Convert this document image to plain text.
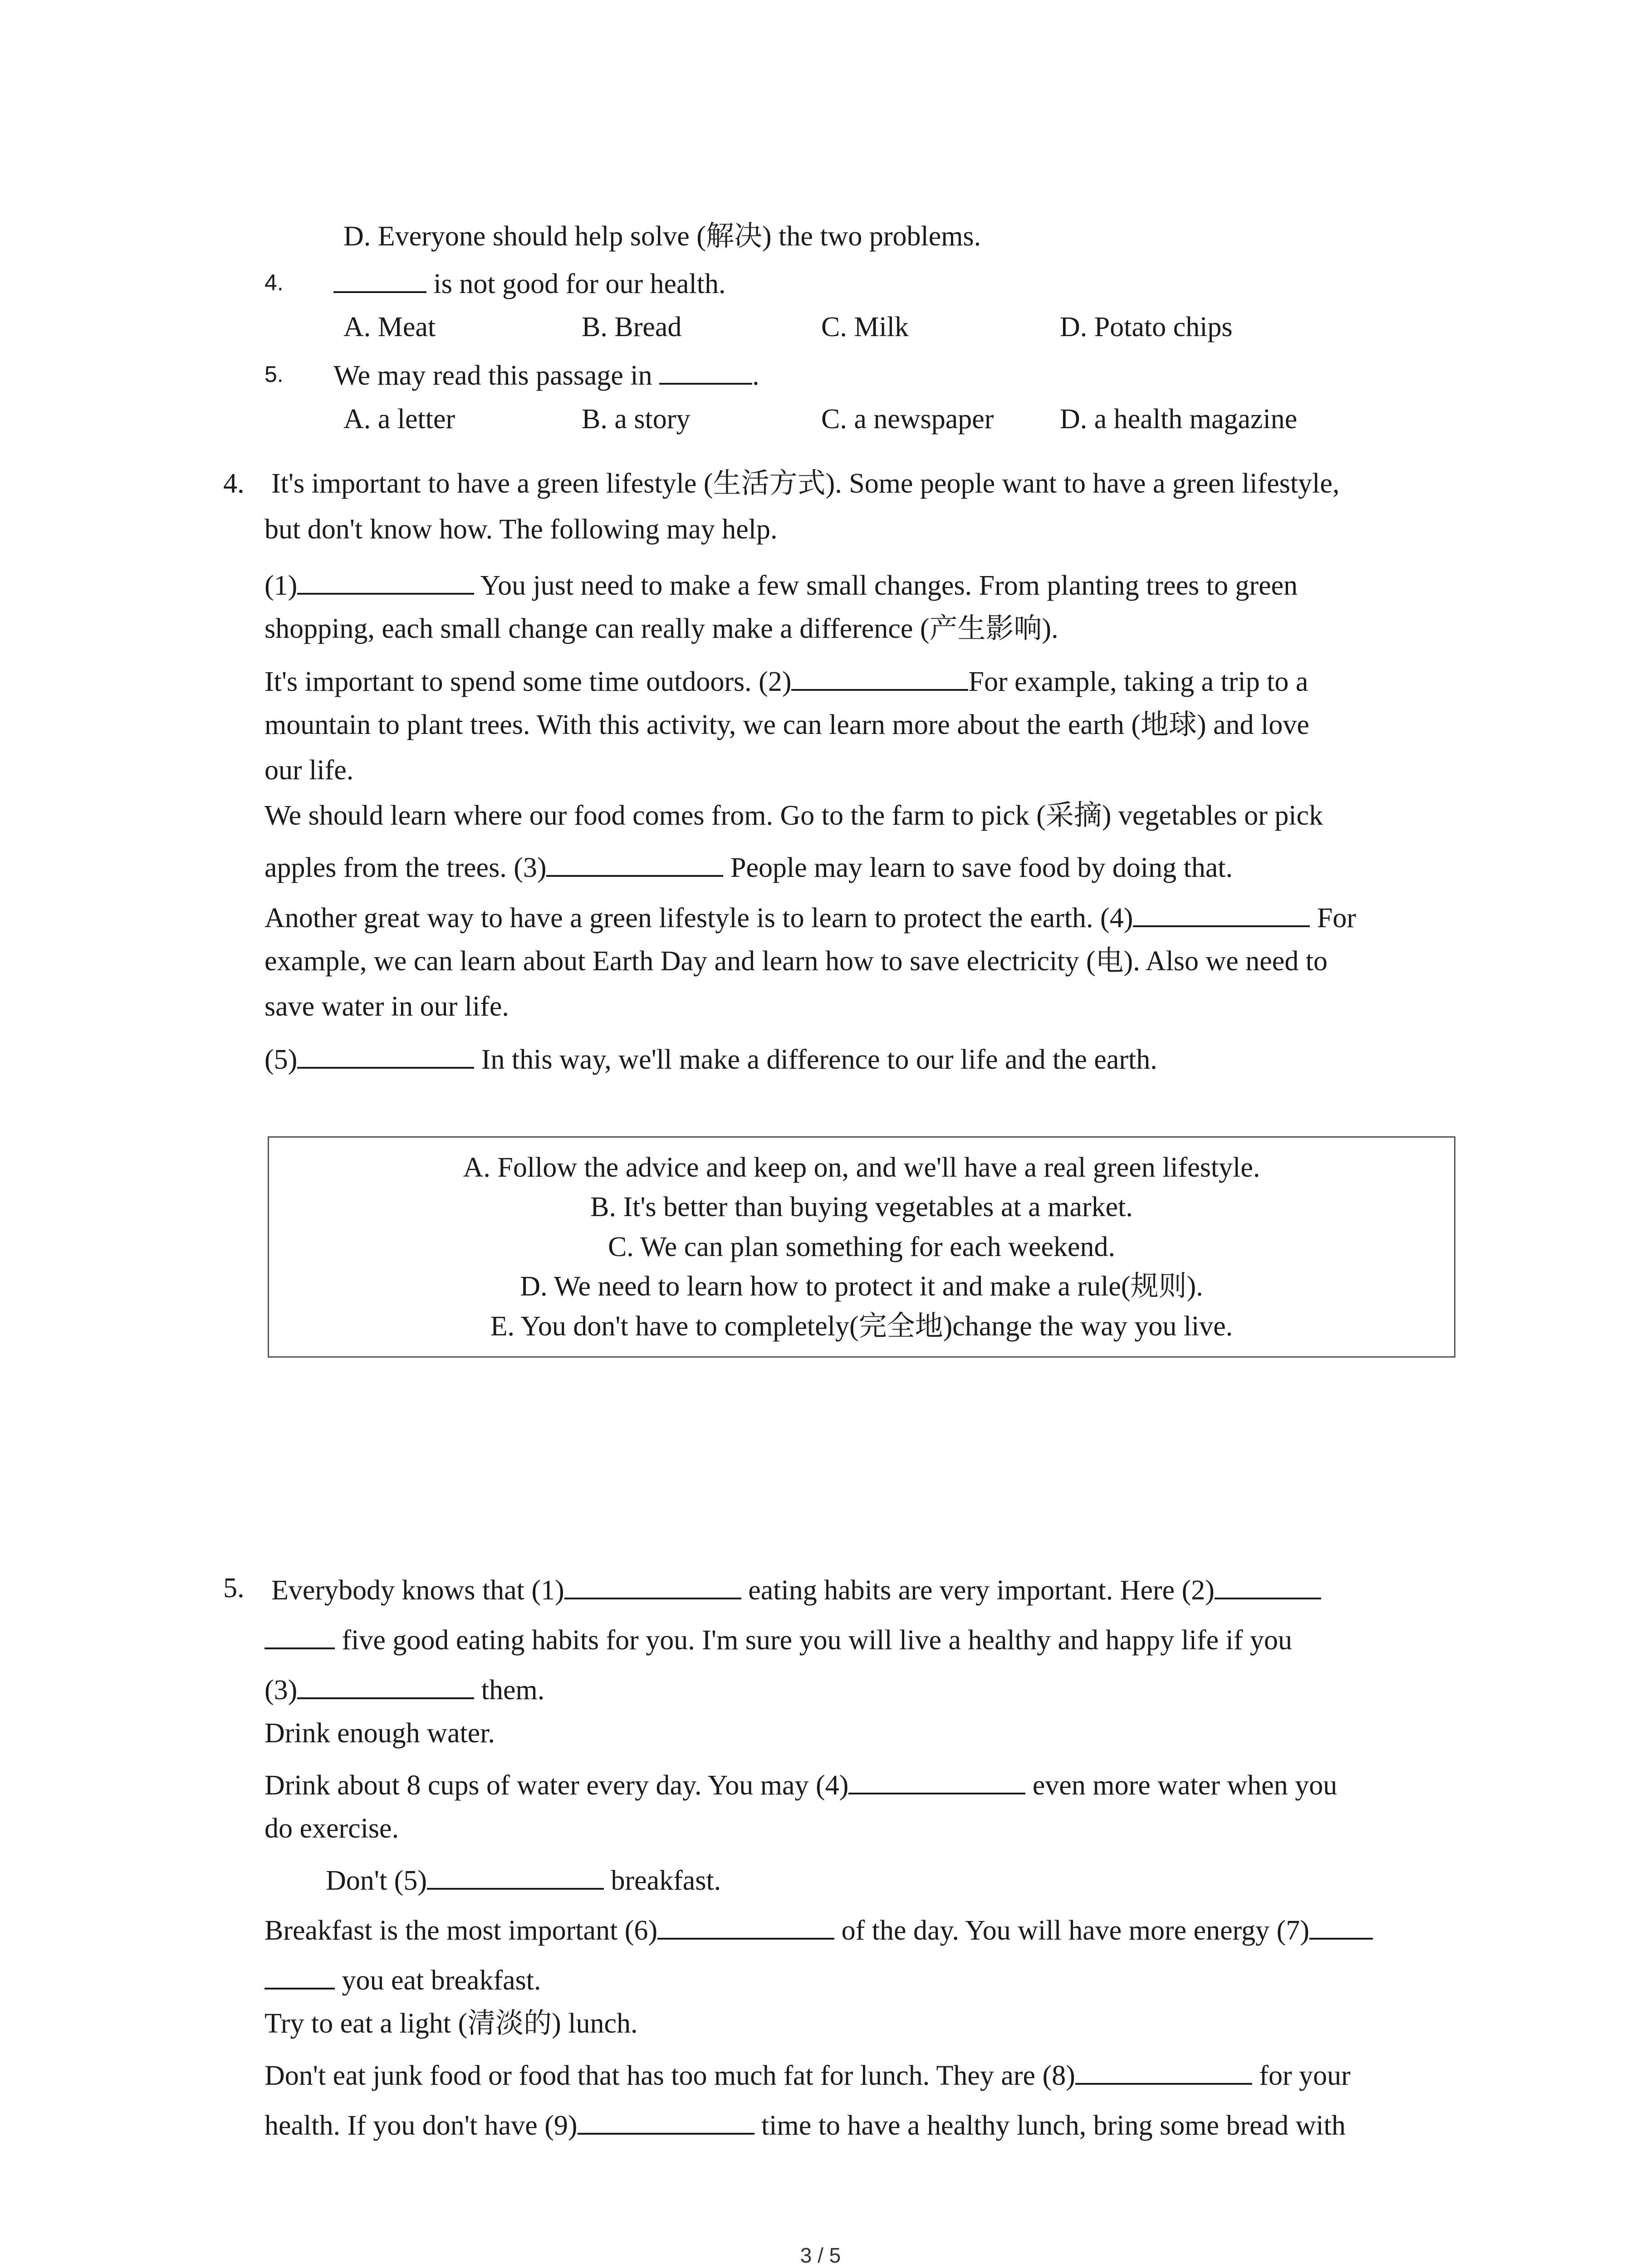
D. Everyone should help solve (解决) the two problems.
4.	is not good for our health.
A. Meat	B. Bread	C. Milk	D. Potato chips
5. We may read this passage in	.
A. a letter	B. a story	C. a newspaper D. a health magazine
4. It's important to have a green lifestyle (生活方式). Some people want to have a green lifestyle,
but don't know how. The following may help.
(1)	You just need to make a few small changes. From planting trees to green
shopping, each small change can really make a difference (产生影响).
It's important to spend some time outdoors. (2)	For example, taking a trip to a
mountain to plant trees. With this activity, we can learn more about the earth (地球) and love
our life.
We should learn where our food comes from. Go to the farm to pick (采摘) vegetables or pick
apples from the trees. (3)	People may learn to save food by doing that.
Another great way to have a green lifestyle is to learn to protect the earth. (4)	For
example, we can learn about Earth Day and learn how to save electricity (电). Also we need to
save water in our life.
(5)	In this way, we'll make a difference to our life and the earth.
A. Follow the advice and keep on, and we'll have a real green lifestyle.
B. It's better than buying vegetables at a market.
C. We can plan something for each weekend.
D. We need to learn how to protect it and make a rule(规则).
E. You don't have to completely(完全地)change the way you live.
5. Everybody knows that (1)	eating habits are very important. Here (2)
five good eating habits for you. I'm sure you will live a healthy and happy life if you
(3)	them.
Drink enough water.
Drink about 8 cups of water every day. You may (4)	even more water when you
do exercise.
Don't (5)	breakfast.
Breakfast is the most important (6)	of the day. You will have more energy (7)
you eat breakfast.
Try to eat a light (清淡的) lunch.
Don't eat junk food or food that has too much fat for lunch. They are (8)	for your
health. If you don't have (9)	time to have a healthy lunch, bring some bread with
3 / 5
